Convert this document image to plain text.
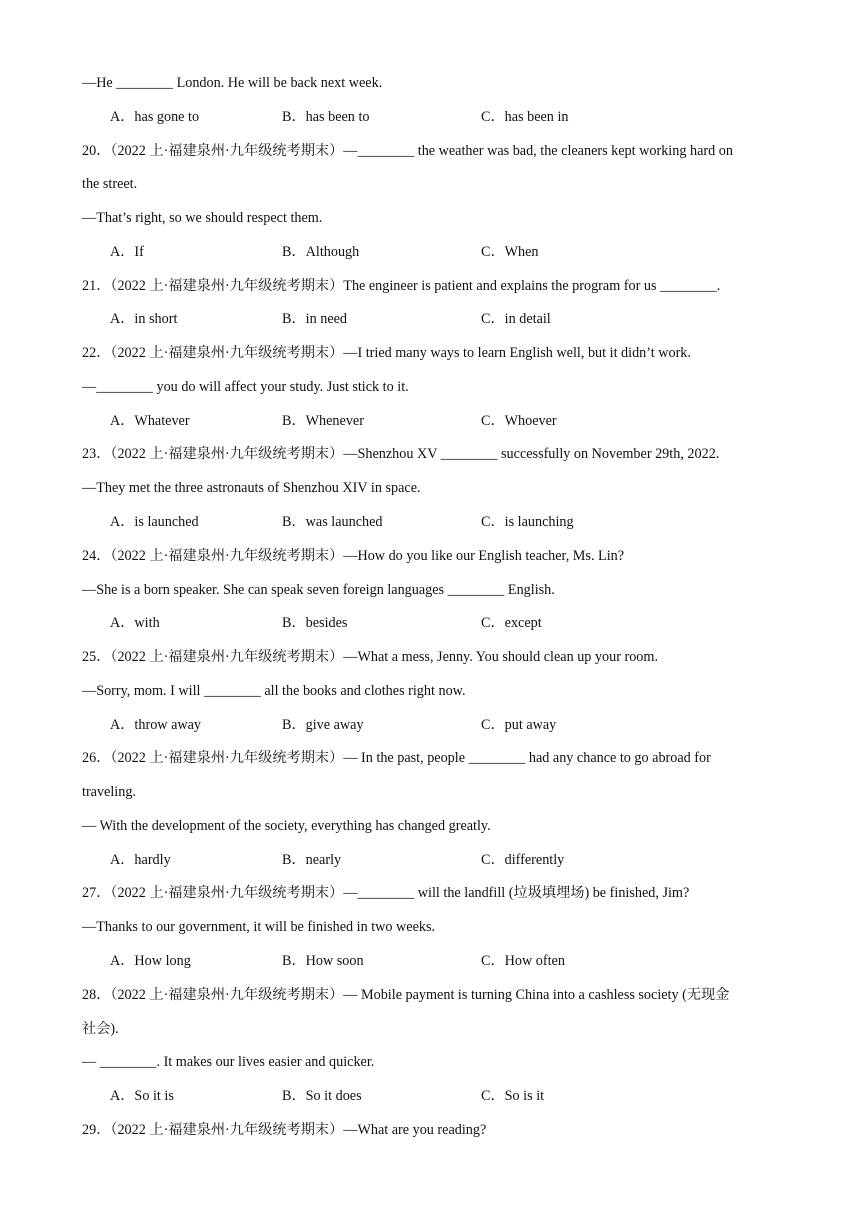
—He ________ London. He will be back next week.
A．has gone to	B．has been to	C．has been in
20．（2022 上·福建泉州·九年级统考期末）—________ the weather was bad, the cleaners kept working hard on
the street.
—That’s right, so we should respect them.
A．If	B．Although	C．When
21．（2022 上·福建泉州·九年级统考期末）The engineer is patient and explains the program for us ________.
A．in short	B．in need	C．in detail
22．（2022 上·福建泉州·九年级统考期末）—I tried many ways to learn English well, but it didn’t work.
—________ you do will affect your study. Just stick to it.
A．Whatever	B．Whenever	C．Whoever
23．（2022 上·福建泉州·九年级统考期末）—Shenzhou XV ________ successfully on November 29th, 2022.
—They met the three astronauts of Shenzhou XIV in space.
A．is launched	B．was launched	C．is launching
24．（2022 上·福建泉州·九年级统考期末）—How do you like our English teacher, Ms. Lin?
—She is a born speaker. She can speak seven foreign languages ________ English.
A．with	B．besides	C．except
25．（2022 上·福建泉州·九年级统考期末）—What a mess, Jenny. You should clean up your room.
—Sorry, mom. I will ________ all the books and clothes right now.
A．throw away	B．give away	C．put away
26．（2022 上·福建泉州·九年级统考期末）— In the past, people ________ had any chance to go abroad for
traveling.
— With the development of the society, everything has changed greatly.
A．hardly	B．nearly	C．differently
27．（2022 上·福建泉州·九年级统考期末）—________ will the landfill (垃圾填埋场) be finished, Jim?
—Thanks to our government, it will be finished in two weeks.
A．How long	B．How soon	C．How often
28．（2022 上·福建泉州·九年级统考期末）— Mobile payment is turning China into a cashless society (无现金
社会).
— ________. It makes our lives easier and quicker.
A．So it is	B．So it does	C．So is it
29．（2022 上·福建泉州·九年级统考期末）—What are you reading?
